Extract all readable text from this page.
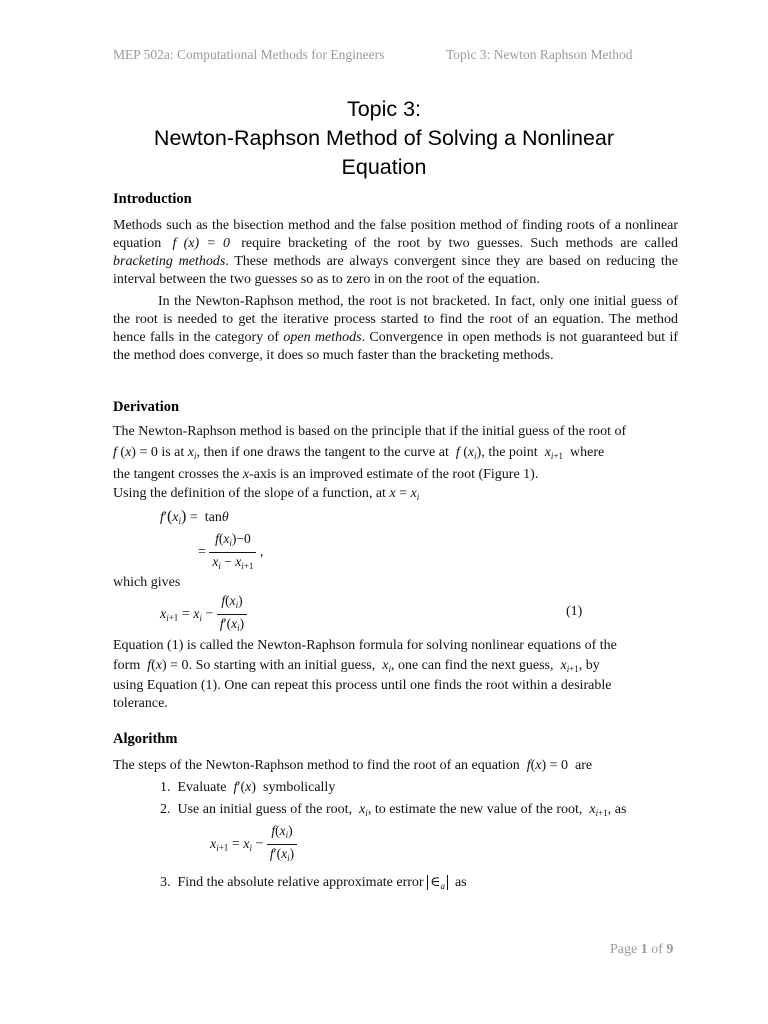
MEP 502a: Computational Methods for Engineers	Topic 3: Newton Raphson Method
Topic 3:
Newton-Raphson Method of Solving a Nonlinear
Equation
Introduction
Methods such as the bisection method and the false position method of finding roots of a nonlinear equation f (x) = 0 require bracketing of the root by two guesses. Such methods are called bracketing methods. These methods are always convergent since they are based on reducing the interval between the two guesses so as to zero in on the root of the equation.
In the Newton-Raphson method, the root is not bracketed. In fact, only one initial guess of the root is needed to get the iterative process started to find the root of an equation. The method hence falls in the category of open methods. Convergence in open methods is not guaranteed but if the method does converge, it does so much faster than the bracketing methods.
Derivation
The Newton-Raphson method is based on the principle that if the initial guess of the root of
f (x) = 0 is at $x_i$, then if one draws the tangent to the curve at f $(x_i)$, the point $x_{i+1}$ where
the tangent crosses the x-axis is an improved estimate of the root (Figure 1).
Using the definition of the slope of a function, at $x = x_i$
$f'(x_i) = \tan\theta$
= $\frac{f(x_i)-0}{x_i - x_{i+1}}$ ,
which gives
$x_{i+1} = x_i - \frac{f(x_i)}{f'(x_i)}$	(1)
Equation (1) is called the Newton-Raphson formula for solving nonlinear equations of the
form f(x) = 0. So starting with an initial guess, $x_i$, one can find the next guess, $x_{i+1}$, by
using Equation (1). One can repeat this process until one finds the root within a desirable
tolerance.
Algorithm
The steps of the Newton-Raphson method to find the root of an equation f(x) = 0  are
1. Evaluate f′(x)  symbolically
2. Use an initial guess of the root, $x_i$, to estimate the new value of the root, $x_{i+1}$, as
$x_{i+1} = x_i - \frac{f(x_i)}{f'(x_i)}$
3. Find the absolute relative approximate error $\in_a$ as
Page 1 of 9
